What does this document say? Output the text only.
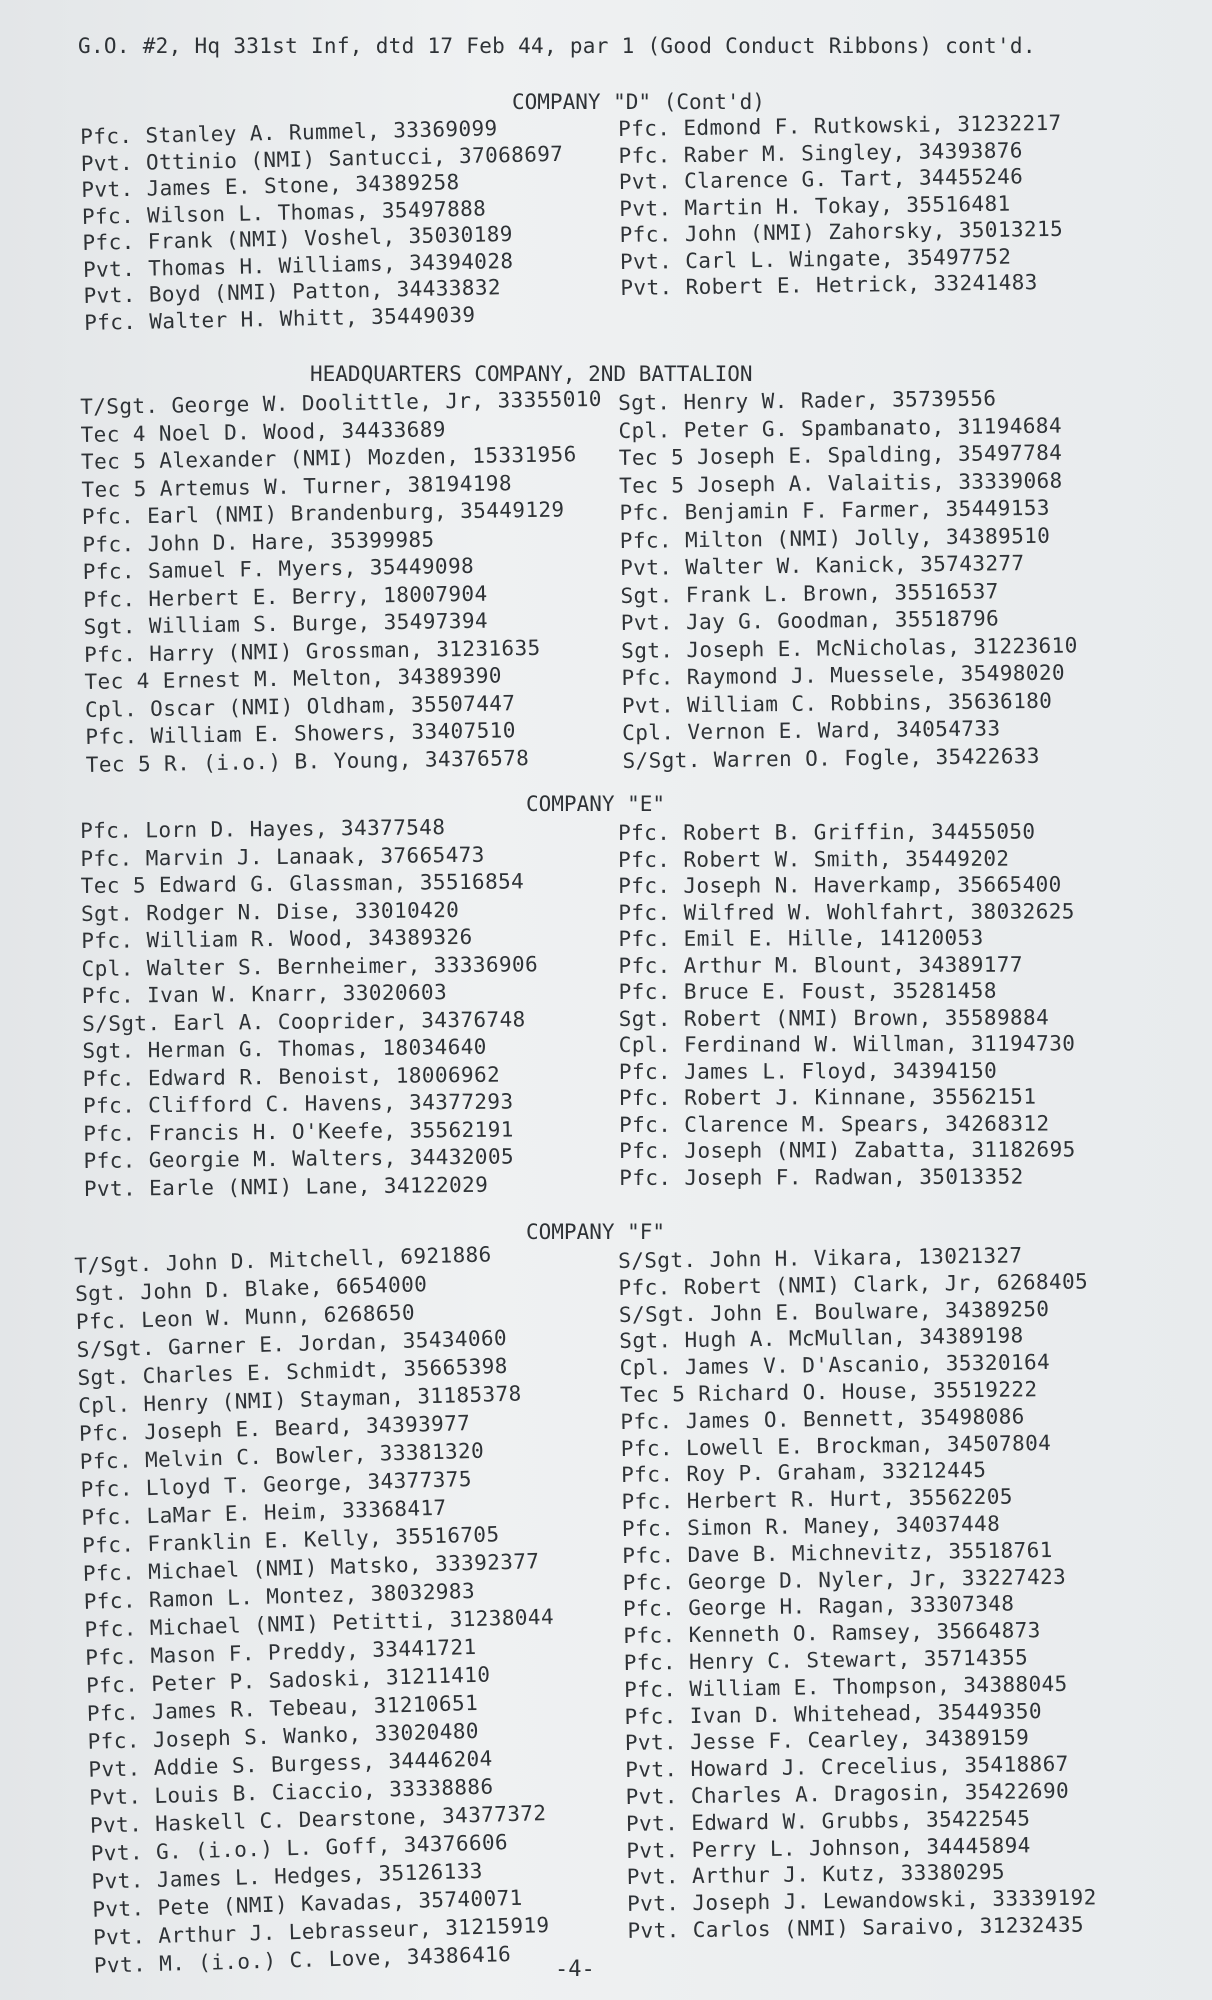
G.O. #2, Hq 331st Inf, dtd 17 Feb 44, par 1 (Good Conduct Ribbons) cont'd.
COMPANY "D" (Cont'd)
Pfc. Stanley A. Rummel, 33369099
Pvt. Ottinio (NMI) Santucci, 37068697
Pvt. James E. Stone, 34389258
Pfc. Wilson L. Thomas, 35497888
Pfc. Frank (NMI) Voshel, 35030189
Pvt. Thomas H. Williams, 34394028
Pvt. Boyd (NMI) Patton, 34433832
Pfc. Walter H. Whitt, 35449039
Pfc. Edmond F. Rutkowski, 31232217
Pfc. Raber M. Singley, 34393876
Pvt. Clarence G. Tart, 34455246
Pvt. Martin H. Tokay, 35516481
Pfc. John (NMI) Zahorsky, 35013215
Pvt. Carl L. Wingate, 35497752
Pvt. Robert E. Hetrick, 33241483
HEADQUARTERS COMPANY, 2ND BATTALION
T/Sgt. George W. Doolittle, Jr, 33355010
Tec 4 Noel D. Wood, 34433689
Tec 5 Alexander (NMI) Mozden, 15331956
Tec 5 Artemus W. Turner, 38194198
Pfc. Earl (NMI) Brandenburg, 35449129
Pfc. John D. Hare, 35399985
Pfc. Samuel F. Myers, 35449098
Pfc. Herbert E. Berry, 18007904
Sgt. William S. Burge, 35497394
Pfc. Harry (NMI) Grossman, 31231635
Tec 4 Ernest M. Melton, 34389390
Cpl. Oscar (NMI) Oldham, 35507447
Pfc. William E. Showers, 33407510
Tec 5 R. (i.o.) B. Young, 34376578
Sgt. Henry W. Rader, 35739556
Cpl. Peter G. Spambanato, 31194684
Tec 5 Joseph E. Spalding, 35497784
Tec 5 Joseph A. Valaitis, 33339068
Pfc. Benjamin F. Farmer, 35449153
Pfc. Milton (NMI) Jolly, 34389510
Pvt. Walter W. Kanick, 35743277
Sgt. Frank L. Brown, 35516537
Pvt. Jay G. Goodman, 35518796
Sgt. Joseph E. McNicholas, 31223610
Pfc. Raymond J. Muessele, 35498020
Pvt. William C. Robbins, 35636180
Cpl. Vernon E. Ward, 34054733
S/Sgt. Warren O. Fogle, 35422633
COMPANY "E"
Pfc. Lorn D. Hayes, 34377548
Pfc. Marvin J. Lanaak, 37665473
Tec 5 Edward G. Glassman, 35516854
Sgt. Rodger N. Dise, 33010420
Pfc. William R. Wood, 34389326
Cpl. Walter S. Bernheimer, 33336906
Pfc. Ivan W. Knarr, 33020603
S/Sgt. Earl A. Cooprider, 34376748
Sgt. Herman G. Thomas, 18034640
Pfc. Edward R. Benoist, 18006962
Pfc. Clifford C. Havens, 34377293
Pfc. Francis H. O'Keefe, 35562191
Pfc. Georgie M. Walters, 34432005
Pvt. Earle (NMI) Lane, 34122029
Pfc. Robert B. Griffin, 34455050
Pfc. Robert W. Smith, 35449202
Pfc. Joseph N. Haverkamp, 35665400
Pfc. Wilfred W. Wohlfahrt, 38032625
Pfc. Emil E. Hille, 14120053
Pfc. Arthur M. Blount, 34389177
Pfc. Bruce E. Foust, 35281458
Sgt. Robert (NMI) Brown, 35589884
Cpl. Ferdinand W. Willman, 31194730
Pfc. James L. Floyd, 34394150
Pfc. Robert J. Kinnane, 35562151
Pfc. Clarence M. Spears, 34268312
Pfc. Joseph (NMI) Zabatta, 31182695
Pfc. Joseph F. Radwan, 35013352
COMPANY "F"
T/Sgt. John D. Mitchell, 6921886
Sgt. John D. Blake, 6654000
Pfc. Leon W. Munn, 6268650
S/Sgt. Garner E. Jordan, 35434060
Sgt. Charles E. Schmidt, 35665398
Cpl. Henry (NMI) Stayman, 31185378
Pfc. Joseph E. Beard, 34393977
Pfc. Melvin C. Bowler, 33381320
Pfc. Lloyd T. George, 34377375
Pfc. LaMar E. Heim, 33368417
Pfc. Franklin E. Kelly, 35516705
Pfc. Michael (NMI) Matsko, 33392377
Pfc. Ramon L. Montez, 38032983
Pfc. Michael (NMI) Petitti, 31238044
Pfc. Mason F. Preddy, 33441721
Pfc. Peter P. Sadoski, 31211410
Pfc. James R. Tebeau, 31210651
Pfc. Joseph S. Wanko, 33020480
Pvt. Addie S. Burgess, 34446204
Pvt. Louis B. Ciaccio, 33338886
Pvt. Haskell C. Dearstone, 34377372
Pvt. G. (i.o.) L. Goff, 34376606
Pvt. James L. Hedges, 35126133
Pvt. Pete (NMI) Kavadas, 35740071
Pvt. Arthur J. Lebrasseur, 31215919
Pvt. M. (i.o.) C. Love, 34386416
S/Sgt. John H. Vikara, 13021327
Pfc. Robert (NMI) Clark, Jr, 6268405
S/Sgt. John E. Boulware, 34389250
Sgt. Hugh A. McMullan, 34389198
Cpl. James V. D'Ascanio, 35320164
Tec 5 Richard O. House, 35519222
Pfc. James O. Bennett, 35498086
Pfc. Lowell E. Brockman, 34507804
Pfc. Roy P. Graham, 33212445
Pfc. Herbert R. Hurt, 35562205
Pfc. Simon R. Maney, 34037448
Pfc. Dave B. Michnevitz, 35518761
Pfc. George D. Nyler, Jr, 33227423
Pfc. George H. Ragan, 33307348
Pfc. Kenneth O. Ramsey, 35664873
Pfc. Henry C. Stewart, 35714355
Pfc. William E. Thompson, 34388045
Pfc. Ivan D. Whitehead, 35449350
Pvt. Jesse F. Cearley, 34389159
Pvt. Howard J. Crecelius, 35418867
Pvt. Charles A. Dragosin, 35422690
Pvt. Edward W. Grubbs, 35422545
Pvt. Perry L. Johnson, 34445894
Pvt. Arthur J. Kutz, 33380295
Pvt. Joseph J. Lewandowski, 33339192
Pvt. Carlos (NMI) Saraivo, 31232435
-4-
